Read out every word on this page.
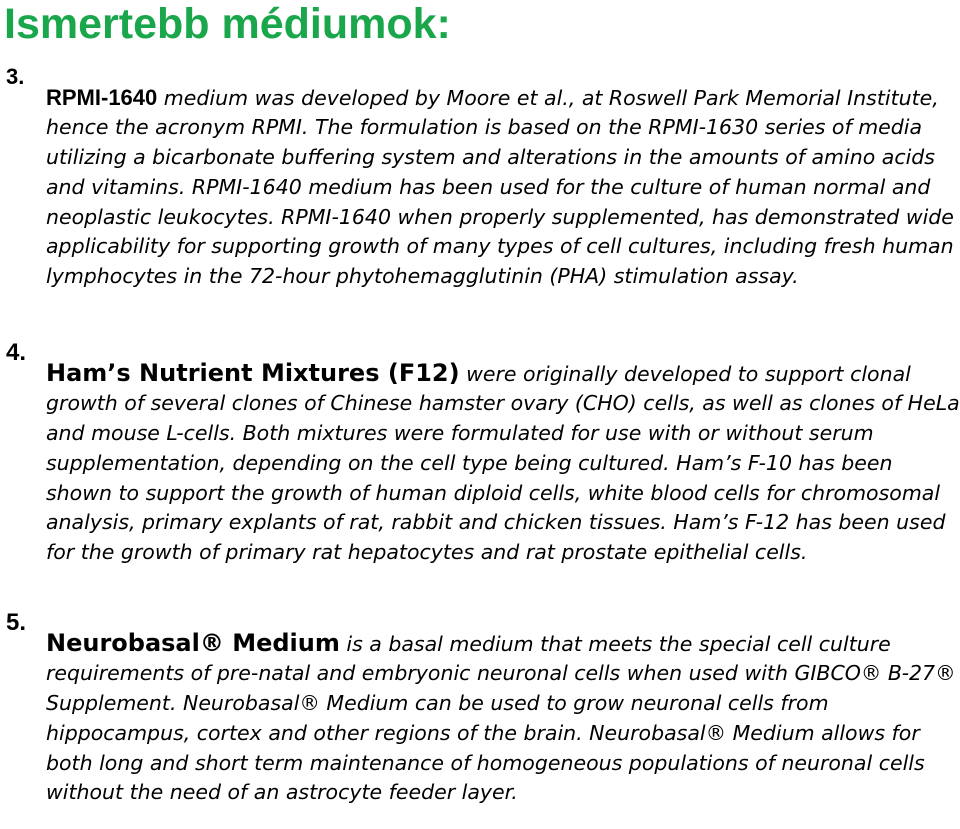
Ismertebb médiumok:
3.

RPMI-1640 medium was developed by Moore et al., at Roswell Park Memorial Institute, hence the acronym RPMI. The formulation is based on the RPMI-1630 series of media utilizing a bicarbonate buffering system and alterations in the amounts of amino acids and vitamins. RPMI-1640 medium has been used for the culture of human normal and neoplastic leukocytes. RPMI-1640 when properly supplemented, has demonstrated wide applicability for supporting growth of many types of cell cultures, including fresh human lymphocytes in the 72-hour phytohemagglutinin (PHA) stimulation assay.

4.

Ham’s Nutrient Mixtures (F12) were originally developed to support clonal growth of several clones of Chinese hamster ovary (CHO) cells, as well as clones of HeLa and mouse L-cells. Both mixtures were formulated for use with or without serum supplementation, depending on the cell type being cultured. Ham’s F-10 has been shown to support the growth of human diploid cells, white blood cells for chromosomal analysis, primary explants of rat, rabbit and chicken tissues. Ham’s F-12 has been used for the growth of primary rat hepatocytes and rat prostate epithelial cells.

5.

Neurobasal® Medium is a basal medium that meets the special cell culture requirements of pre-natal and embryonic neuronal cells when used with GIBCO® B-27® Supplement. Neurobasal® Medium can be used to grow neuronal cells from hippocampus, cortex and other regions of the brain. Neurobasal® Medium allows for both long and short term maintenance of homogeneous populations of neuronal cells without the need of an astrocyte feeder layer.
